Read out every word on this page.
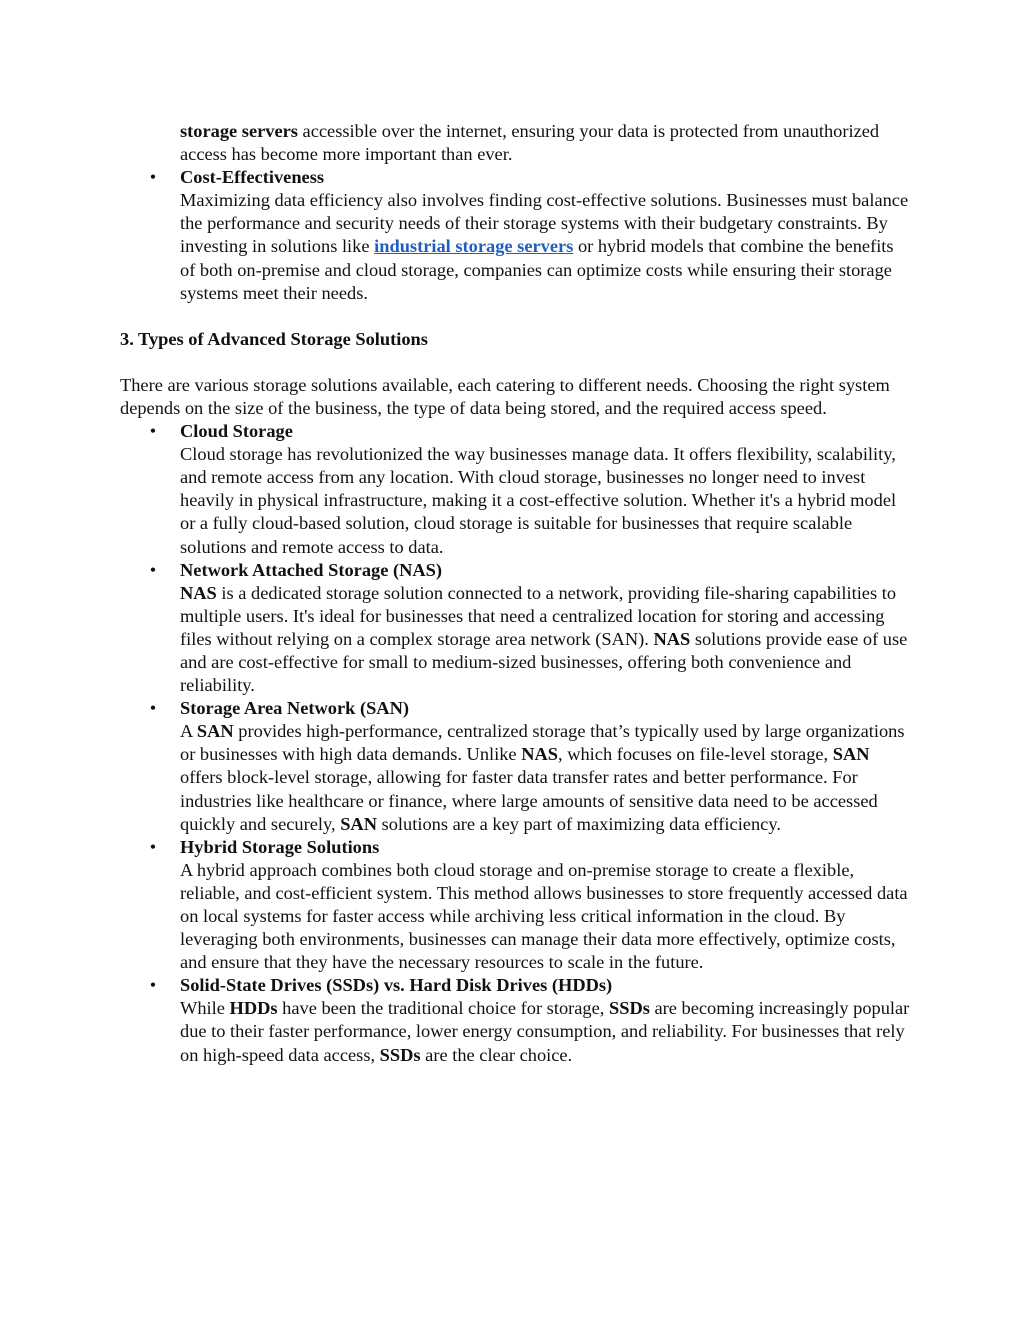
storage servers accessible over the internet, ensuring your data is protected from unauthorized access has become more important than ever.
• Cost-Effectiveness
Maximizing data efficiency also involves finding cost-effective solutions. Businesses must balance the performance and security needs of their storage systems with their budgetary constraints. By investing in solutions like industrial storage servers or hybrid models that combine the benefits of both on-premise and cloud storage, companies can optimize costs while ensuring their storage systems meet their needs.
3. Types of Advanced Storage Solutions
There are various storage solutions available, each catering to different needs. Choosing the right system depends on the size of the business, the type of data being stored, and the required access speed.
• Cloud Storage
Cloud storage has revolutionized the way businesses manage data. It offers flexibility, scalability, and remote access from any location. With cloud storage, businesses no longer need to invest heavily in physical infrastructure, making it a cost-effective solution. Whether it's a hybrid model or a fully cloud-based solution, cloud storage is suitable for businesses that require scalable solutions and remote access to data.
• Network Attached Storage (NAS)
NAS is a dedicated storage solution connected to a network, providing file-sharing capabilities to multiple users. It's ideal for businesses that need a centralized location for storing and accessing files without relying on a complex storage area network (SAN). NAS solutions provide ease of use and are cost-effective for small to medium-sized businesses, offering both convenience and reliability.
• Storage Area Network (SAN)
A SAN provides high-performance, centralized storage that’s typically used by large organizations or businesses with high data demands. Unlike NAS, which focuses on file-level storage, SAN offers block-level storage, allowing for faster data transfer rates and better performance. For industries like healthcare or finance, where large amounts of sensitive data need to be accessed quickly and securely, SAN solutions are a key part of maximizing data efficiency.
• Hybrid Storage Solutions
A hybrid approach combines both cloud storage and on-premise storage to create a flexible, reliable, and cost-efficient system. This method allows businesses to store frequently accessed data on local systems for faster access while archiving less critical information in the cloud. By leveraging both environments, businesses can manage their data more effectively, optimize costs, and ensure that they have the necessary resources to scale in the future.
• Solid-State Drives (SSDs) vs. Hard Disk Drives (HDDs)
While HDDs have been the traditional choice for storage, SSDs are becoming increasingly popular due to their faster performance, lower energy consumption, and reliability. For businesses that rely on high-speed data access, SSDs are the clear choice.
